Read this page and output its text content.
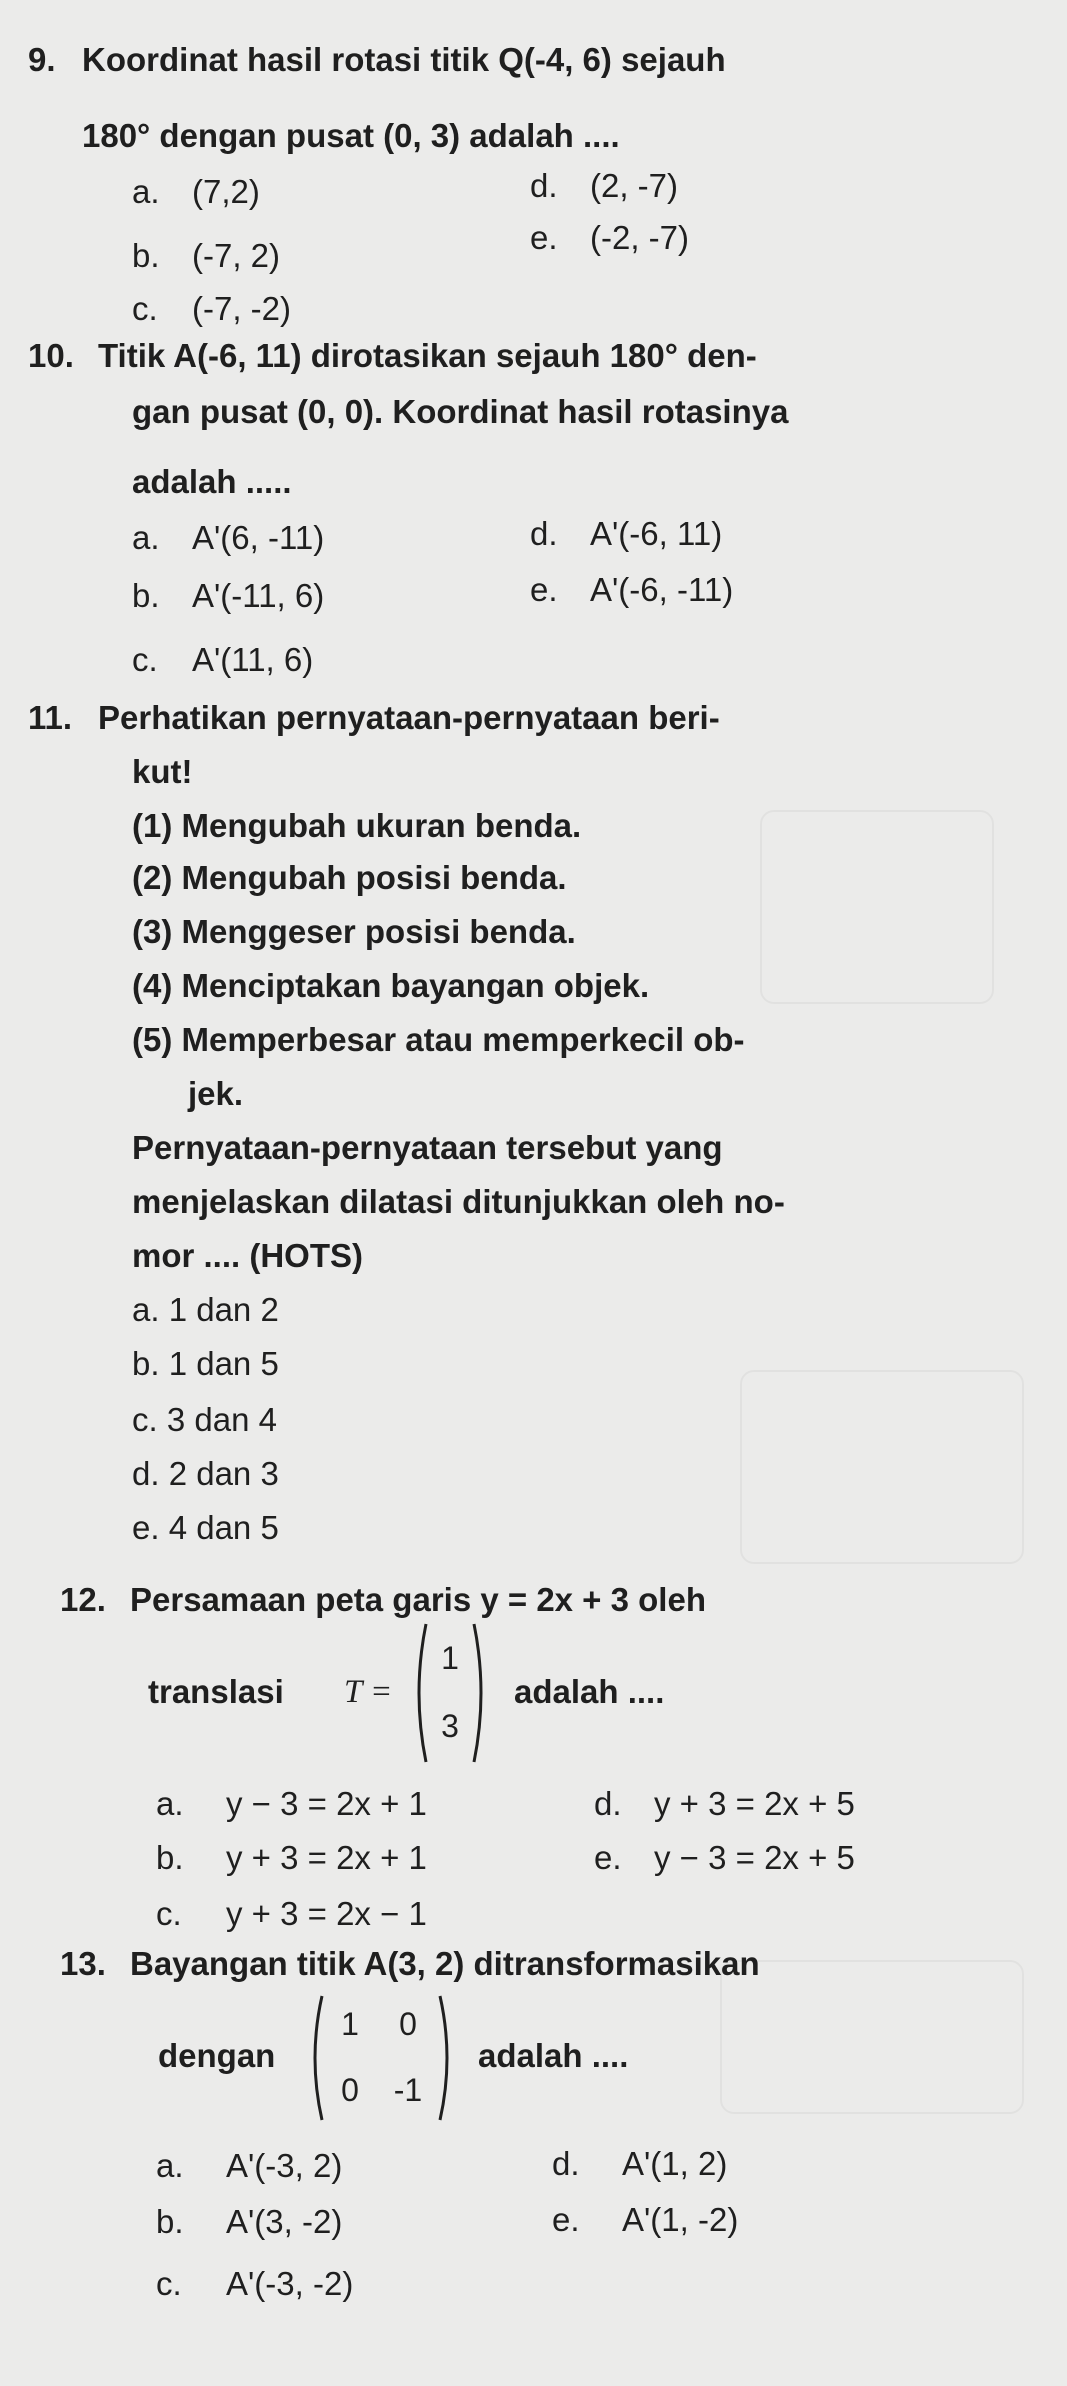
9. Koordinat hasil rotasi titik Q(-4, 6) sejauh
180° dengan pusat (0, 3) adalah ....
a. (7,2)
b. (-7, 2)
c. (-7, -2)
d. (2, -7)
e. (-2, -7)
10. Titik A(-6, 11) dirotasikan sejauh 180° den-
gan pusat (0, 0). Koordinat hasil rotasinya
adalah .....
a. A'(6, -11)
b. A'(-11, 6)
c. A'(11, 6)
d. A'(-6, 11)
e. A'(-6, -11)
11. Perhatikan pernyataan-pernyataan beri-
kut!
(1) Mengubah ukuran benda.
(2) Mengubah posisi benda.
(3) Menggeser posisi benda.
(4) Menciptakan bayangan objek.
(5) Memperbesar atau memperkecil ob-
jek.
Pernyataan-pernyataan tersebut yang
menjelaskan dilatasi ditunjukkan oleh no-
mor .... (HOTS)
a. 1 dan 2
b. 1 dan 5
c. 3 dan 4
d. 2 dan 3
e. 4 dan 5
12. Persamaan peta garis y = 2x + 3 oleh
translasi T =
1
3
adalah ....
a. y − 3 = 2x + 1
b. y + 3 = 2x + 1
c. y + 3 = 2x − 1
d. y + 3 = 2x + 5
e. y − 3 = 2x + 5
13. Bayangan titik A(3, 2) ditransformasikan
dengan
1	0
0	-1
adalah ....
a. A'(-3, 2)
b. A'(3, -2)
c. A'(-3, -2)
d. A'(1, 2)
e. A'(1, -2)
